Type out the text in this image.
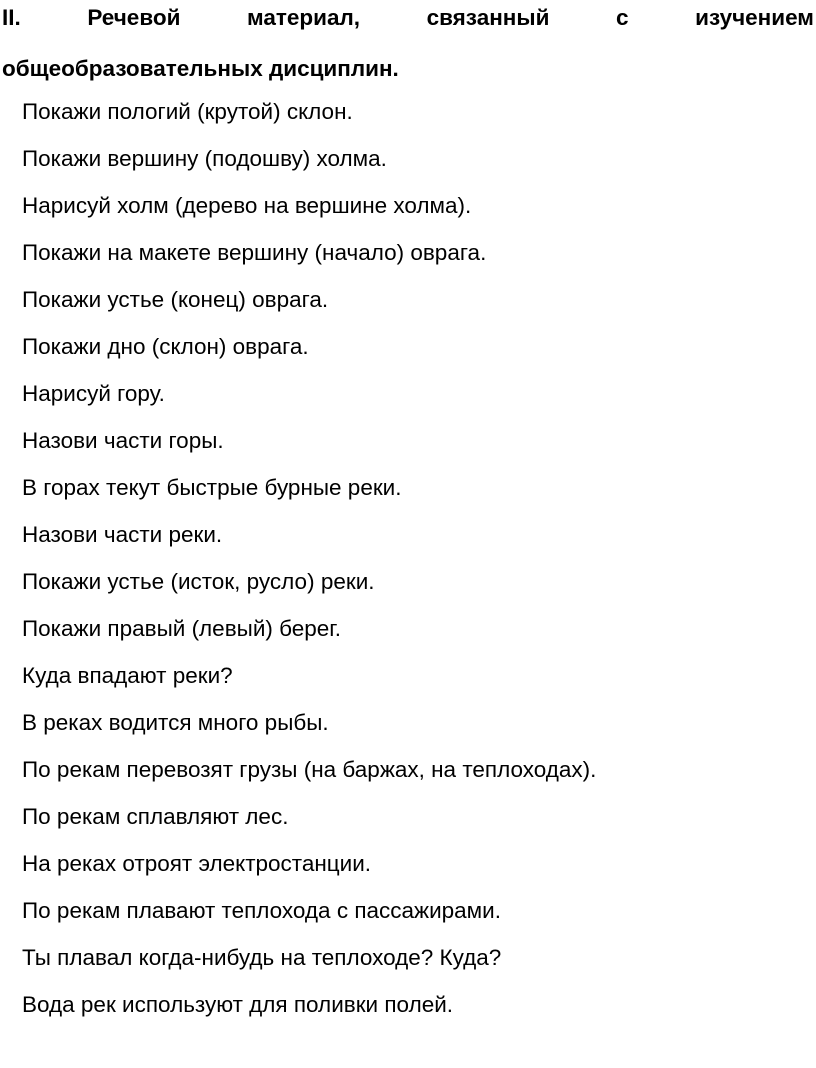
II.	Речевой	материал,	связанный	с	изучением
общеобразовательных дисциплин.
Покажи пологий (крутой) склон.
Покажи вершину (подошву) холма.
Нарисуй холм (дерево на вершине холма).
Покажи на макете вершину (начало) оврага.
Покажи устье (конец) оврага.
Покажи дно (склон) оврага.
Нарисуй гору.
Назови части горы.
В горах текут быстрые бурные реки.
Назови части реки.
Покажи устье (исток, русло) реки.
Покажи правый (левый) берег.
Куда впадают реки?
В реках водится много рыбы.
По рекам перевозят грузы (на баржах, на теплоходах).
По рекам сплавляют лес.
На реках отроят электростанции.
По рекам плавают теплохода с пассажирами.
Ты плавал когда-нибудь на теплоходе? Куда?
Вода рек используют для поливки полей.
